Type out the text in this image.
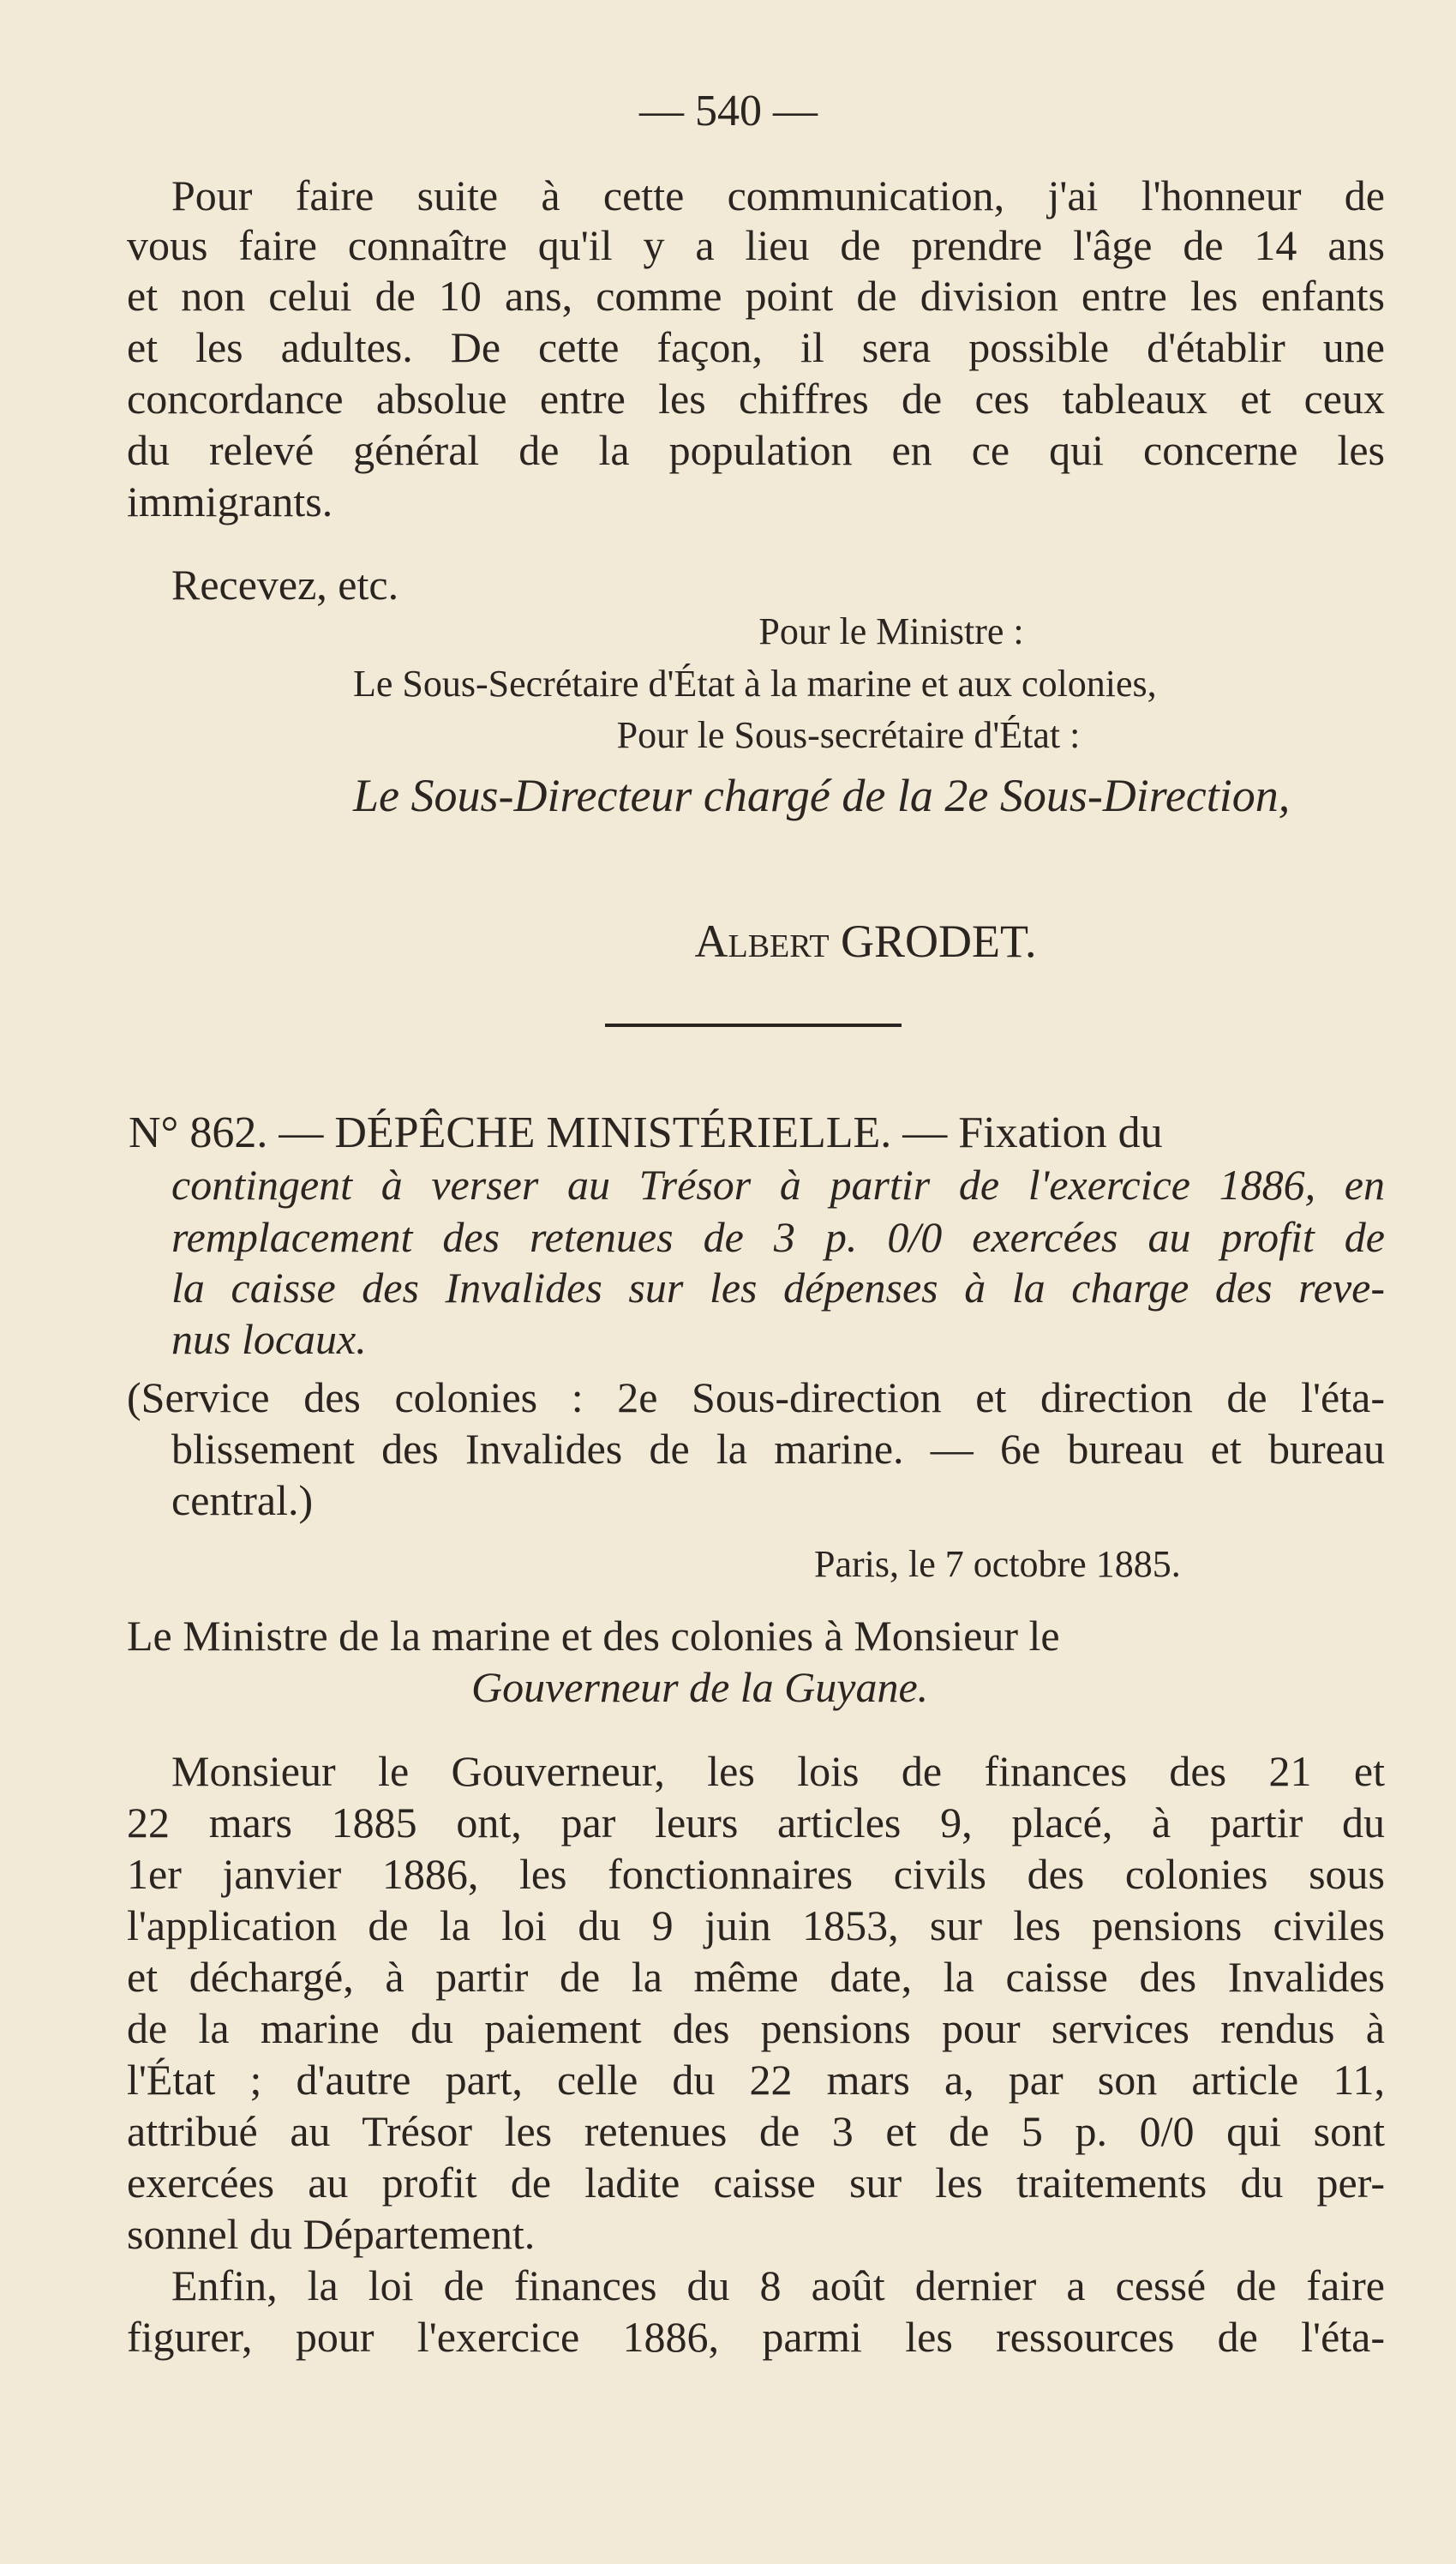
— 540 —
Pour faire suite à cette communication, j'ai l'honneur de
vous faire connaître qu'il y a lieu de prendre l'âge de 14 ans
et non celui de 10 ans, comme point de division entre les enfants
et les adultes. De cette façon, il sera possible d'établir une
concordance absolue entre les chiffres de ces tableaux et ceux
du relevé général de la population en ce qui concerne les
immigrants.
Recevez, etc.
Pour le Ministre :
Le Sous-Secrétaire d'État à la marine et aux colonies,
Pour le Sous-secrétaire d'État :
Le Sous-Directeur chargé de la 2e Sous-Direction,
Albert GRODET.
N° 862. — DÉPÊCHE MINISTÉRIELLE. — Fixation du
contingent à verser au Trésor à partir de l'exercice 1886, en
remplacement des retenues de 3 p. 0/0 exercées au profit de
la caisse des Invalides sur les dépenses à la charge des reve-
nus locaux.
(Service des colonies : 2e Sous-direction et direction de l'éta-
blissement des Invalides de la marine. — 6e bureau et bureau
central.)
Paris, le 7 octobre 1885.
Le Ministre de la marine et des colonies à Monsieur le
Gouverneur de la Guyane.
Monsieur le Gouverneur, les lois de finances des 21 et
22 mars 1885 ont, par leurs articles 9, placé, à partir du
1er janvier 1886, les fonctionnaires civils des colonies sous
l'application de la loi du 9 juin 1853, sur les pensions civiles
et déchargé, à partir de la même date, la caisse des Invalides
de la marine du paiement des pensions pour services rendus à
l'État ; d'autre part, celle du 22 mars a, par son article 11,
attribué au Trésor les retenues de 3 et de 5 p. 0/0 qui sont
exercées au profit de ladite caisse sur les traitements du per-
sonnel du Département.
Enfin, la loi de finances du 8 août dernier a cessé de faire
figurer, pour l'exercice 1886, parmi les ressources de l'éta-
